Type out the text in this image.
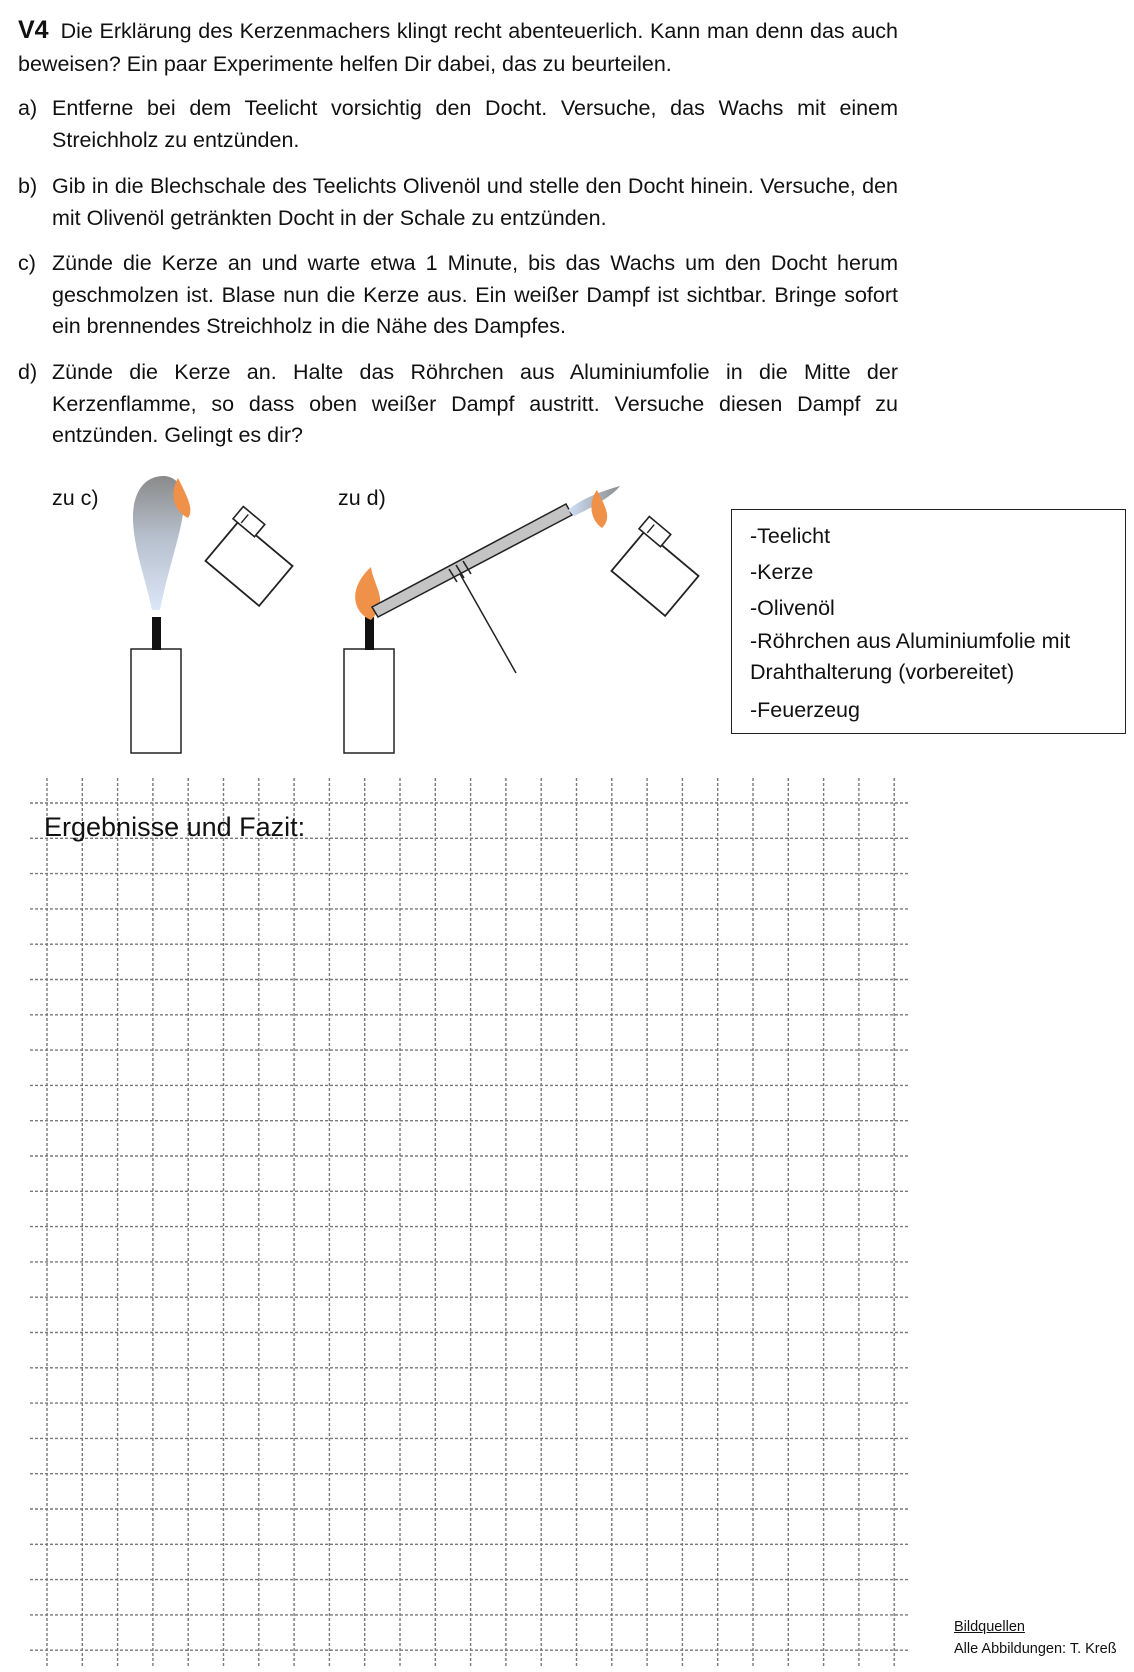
V4 Die Erklärung des Kerzenmachers klingt recht abenteuerlich. Kann man denn das auch beweisen? Ein paar Experimente helfen Dir dabei, das zu beurteilen.
a) Entferne bei dem Teelicht vorsichtig den Docht. Versuche, das Wachs mit einem Streichholz zu entzünden.
b) Gib in die Blechschale des Teelichts Olivenöl und stelle den Docht hinein. Versuche, den mit Olivenöl getränkten Docht in der Schale zu entzünden.
c) Zünde die Kerze an und warte etwa 1 Minute, bis das Wachs um den Docht herum geschmolzen ist. Blase nun die Kerze aus. Ein weißer Dampf ist sichtbar. Bringe sofort ein brennendes Streichholz in die Nähe des Dampfes.
d) Zünde die Kerze an. Halte das Röhrchen aus Aluminiumfolie in die Mitte der Kerzenflamme, so dass oben weißer Dampf austritt. Versuche diesen Dampf zu entzünden. Gelingt es dir?
zu c)	zu d)
-Teelicht
-Kerze
-Olivenöl
-Röhrchen aus Aluminiumfolie mit Drahthalterung (vorbereitet)
-Feuerzeug
Ergebnisse und Fazit:
Bildquellen
Alle Abbildungen: T. Kreß
